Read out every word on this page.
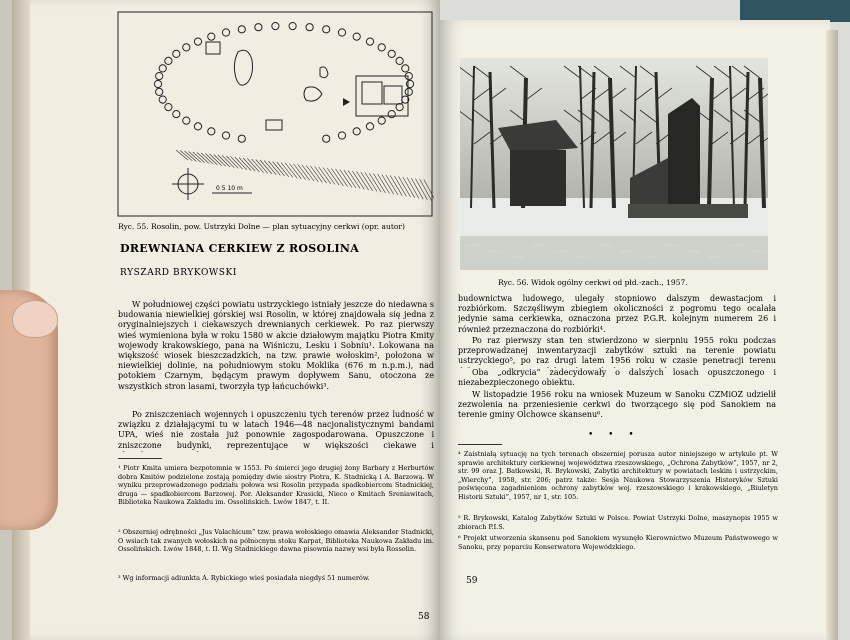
0 5 10 m
Ryc. 55. Rosolin, pow. Ustrzyki Dolne — plan sytuacyjny cerkwi (opr. autor)
DREWNIANA CERKIEW Z ROSOLINA
RYSZARD BRYKOWSKI
W południowej części powiatu ustrzyckiego istniały jeszcze do niedawna s budowania niewielkiej górskiej wsi Rosolin, w której znajdowała się jedna z oryginalniejszych i ciekawszych drewnianych cerkiewek. Po raz pierwszy wieś wymieniona była w roku 1580 w akcie działowym majątku Piotra Kmity wojewody krakowskiego, pana na Wiśniczu, Lesku i Sobniu¹. Lokowana na większość wiosek bieszczadzkich, na tzw. prawie wołoskim², położona w niewielkiej dolinie, na południowym stoku Moklika (676 m n.p.m.), nad potokiem Czarnym, będącym prawym dopływem Sanu, otoczona ze wszystkich stron lasami, tworzyła typ łańcuchówki³.
Po zniszczeniach wojennych i opuszczeniu tych terenów przez ludność w związku z działającymi tu w latach 1946—48 nacjonalistycznymi bandami UPA, wieś nie została już ponownie zagospodarowana. Opuszczone i zniszczone budynki, reprezentujące w większości ciekawe i
¹ Piotr Kmita umiera bezpotomnie w 1553. Po śmierci jego drugiej żony Barbary z Herburtów dobra Kmitów podzielone zostają pomiędzy dwie siostry Piotra, K. Stadnicką i A. Barzową. W wyniku przeprowadzonego podziału połowa wsi Rosolin przypada spadkobiercom Stadnickiej, druga — spadkobiercom Barzowej. Por. Aleksander Krasicki, Nieco o Kmitach Sreniawitach, Biblioteka Naukowa Zakładu im. Ossolińskich. Lwów 1847, t. II.
² Obszerniej odrębności „Jus Valachicum” tzw. prawa wołoskiego omawia Aleksander Stadnicki, O wsiach tak zwanych wołoskich na północnym stoku Karpat, Biblioteka Naukowa Zakładu im. Ossolińskich. Lwów 1848, t. II. Wg Stadnickiego dawna pisownia nazwy wsi była Rossolin.
³ Wg informacji adiunkta A. Rybickiego wieś posiadała niegdyś 51 numerów.
58
Ryc. 56. Widok ogólny cerkwi od płd.-zach., 1957.
budownictwa ludowego, ulegały stopniowo dalszym dewastacjom i rozbiórkom. Szczęśliwym zbiegiem okoliczności z pogromu tego ocalała jedynie sama cerkiewka, oznaczona przez P.G.R. kolejnym numerem 26 i również przeznaczona do rozbiórki⁴.
Po raz pierwszy stan ten stwierdzono w sierpniu 1955 roku podczas przeprowadzanej inwentaryzacji zabytków sztuki na terenie powiatu ustrzyckiego⁵, po raz drugi latem 1956 roku w czasie penetracji terenu
Oba „odkrycia” zadecydowały o dalszych losach opuszczonego i niezabezpieczonego obiektu.
W listopadzie 1956 roku na wniosek Muzeum w Sanoku CZMiOZ udzielił zezwolenia na przeniesienie cerkwi do tworzącego się pod Sanokiem na terenie gminy Olchowce skansenu⁶.
• • •
⁴ Zaistniałą sytuację na tych terenach obszerniej porusza autor niniejszego w artykule pt. W sprawie architektury cerkiewnej województwa rzeszowskiego, „Ochrona Zabytków”, 1957, nr 2, str. 99 oraz J. Batkowski, R. Brykowski, Zabytki architektury w powiatach leskim i ustrzyckim, „Wierchy”, 1958, str. 206; patrz także: Sesja Naukowa Stowarzyszenia Historyków Sztuki poświęcona zagadnieniom ochrony zabytków woj. rzeszowskiego i krakowskiego, „Biuletyn Historii Sztuki”, 1957, nr 1, str. 105.
⁵ R. Brykowski, Katalog Zabytków Sztuki w Polsce. Powiat Ustrzyki Dolne, maszynopis 1955 w zbiorach P.I.S.
⁶ Projekt utworzenia skansenu pod Sanokiem wysunęło Kierownictwo Muzeum Państwowego w Sanoku, przy poparciu Konserwatora Wojewódzkiego.
59
